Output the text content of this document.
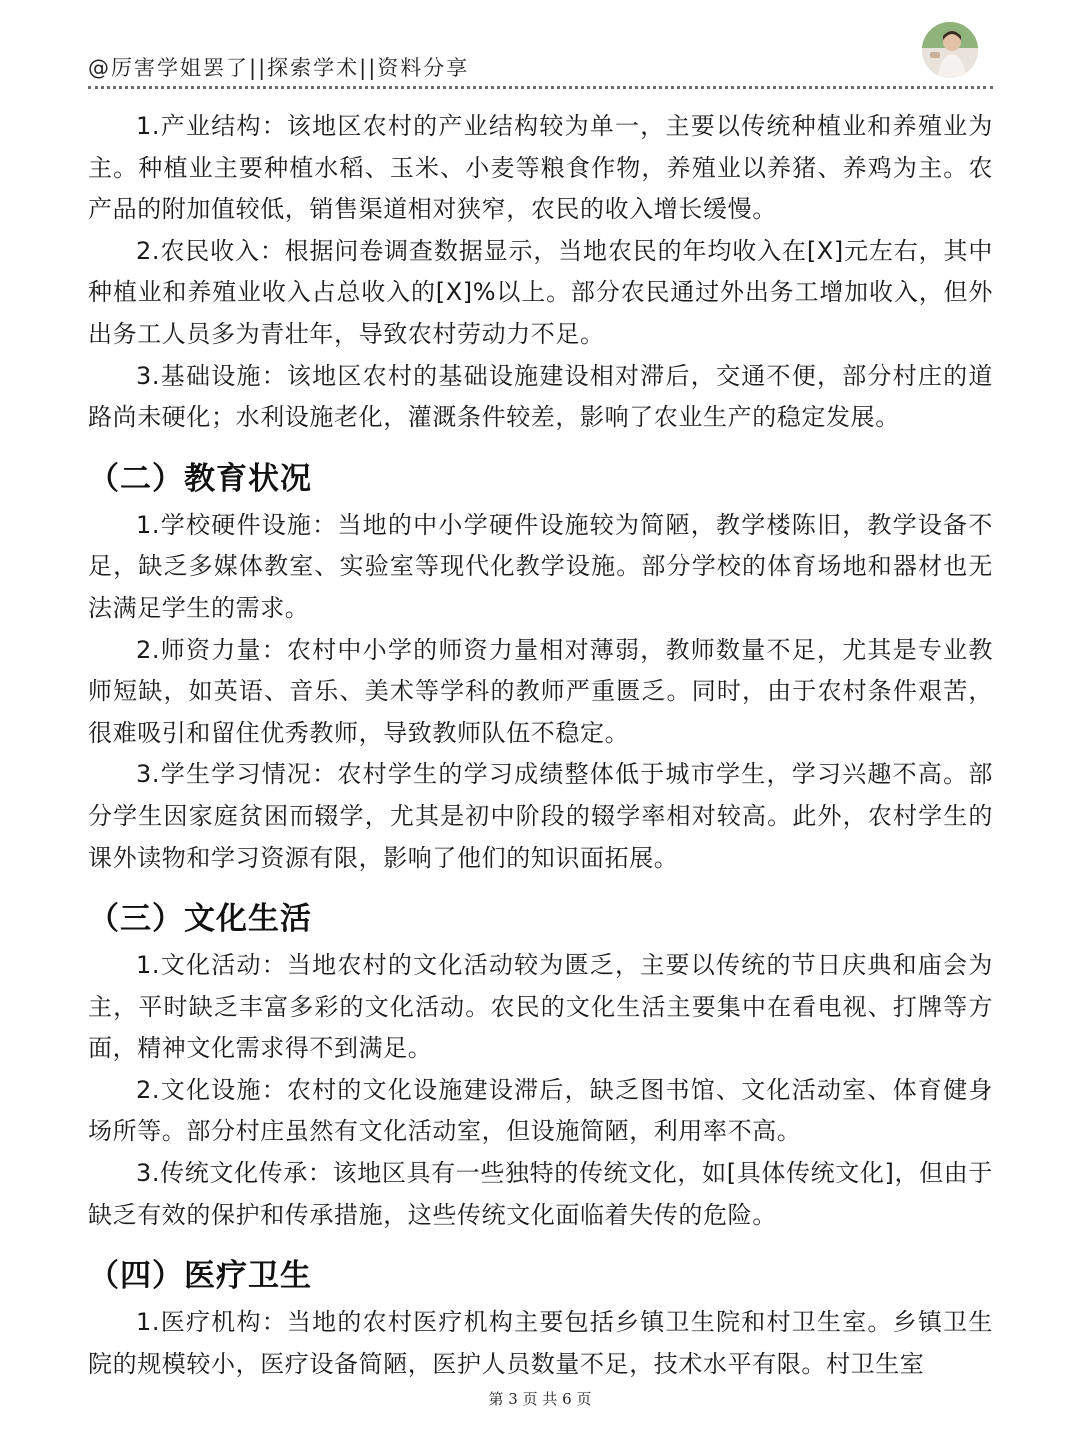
@厉害学姐罢了||探索学术||资料分享

1.产业结构：该地区农村的产业结构较为单一，主要以传统种植业和养殖业为主。种植业主要种植水稻、玉米、小麦等粮食作物，养殖业以养猪、养鸡为主。农产品的附加值较低，销售渠道相对狭窄，农民的收入增长缓慢。

2.农民收入：根据问卷调查数据显示，当地农民的年均收入在[X]元左右，其中种植业和养殖业收入占总收入的[X]%以上。部分农民通过外出务工增加收入，但外出务工人员多为青壮年，导致农村劳动力不足。

3.基础设施：该地区农村的基础设施建设相对滞后，交通不便，部分村庄的道路尚未硬化；水利设施老化，灌溉条件较差，影响了农业生产的稳定发展。

（二）教育状况

1.学校硬件设施：当地的中小学硬件设施较为简陋，教学楼陈旧，教学设备不足，缺乏多媒体教室、实验室等现代化教学设施。部分学校的体育场地和器材也无法满足学生的需求。

2.师资力量：农村中小学的师资力量相对薄弱，教师数量不足，尤其是专业教师短缺，如英语、音乐、美术等学科的教师严重匮乏。同时，由于农村条件艰苦，很难吸引和留住优秀教师，导致教师队伍不稳定。

3.学生学习情况：农村学生的学习成绩整体低于城市学生，学习兴趣不高。部分学生因家庭贫困而辍学，尤其是初中阶段的辍学率相对较高。此外，农村学生的课外读物和学习资源有限，影响了他们的知识面拓展。

（三）文化生活

1.文化活动：当地农村的文化活动较为匮乏，主要以传统的节日庆典和庙会为主，平时缺乏丰富多彩的文化活动。农民的文化生活主要集中在看电视、打牌等方面，精神文化需求得不到满足。

2.文化设施：农村的文化设施建设滞后，缺乏图书馆、文化活动室、体育健身场所等。部分村庄虽然有文化活动室，但设施简陋，利用率不高。

3.传统文化传承：该地区具有一些独特的传统文化，如[具体传统文化]，但由于缺乏有效的保护和传承措施，这些传统文化面临着失传的危险。

（四）医疗卫生

1.医疗机构：当地的农村医疗机构主要包括乡镇卫生院和村卫生室。乡镇卫生院的规模较小，医疗设备简陋，医护人员数量不足，技术水平有限。村卫生室

第 3 页 共 6 页
